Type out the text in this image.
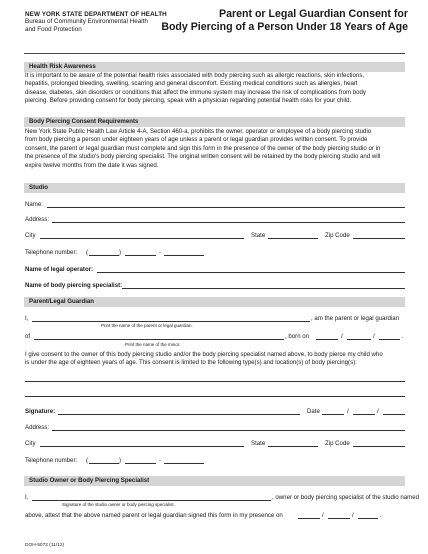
NEW YORK STATE DEPARTMENT OF HEALTH
Bureau of Community Environmental Health
and Food Protection
Parent or Legal Guardian Consent for
Body Piercing of a Person Under 18 Years of Age
Health Risk Awareness
It is important to be aware of the potential health risks associated with body piercing such as allergic reactions, skin infections,
hepatitis, prolonged bleeding, swelling, scarring and general discomfort. Existing medical conditions such as allergies, heart
disease, diabetes, skin disorders or conditions that affect the immune system may increase the risk of complications from body
piercing. Before providing consent for body piercing, speak with a physician regarding potential health risks for your child.
Body Piercing Consent Requirements
New York State Public Health Law Article 4-A, Section 460-a, prohibits the owner, operator or employee of a body piercing studio
from body piercing a person under eighteen years of age unless a parent or legal guardian provides written consent. To provide
consent, the parent or legal guardian must complete and sign this form in the presence of the owner of the body piercing studio or in
the presence of the studio's body piercing specialist. The original written consent will be retained by the body piercing studio and will
expire twelve months from the date it was signed.
Studio
Name:
Address:
City	State	Zip Code
Telephone number: (	)	-
Name of legal operator:
Name of body piercing specialist:
Parent/Legal Guardian
I,	, am the parent or legal guardian
Print the name of the parent or legal guardian.
of	, born on	/	/	.
Print the name of the minor.
I give consent to the owner of this body piercing studio and/or the body piercing specialist named above, to body pierce my child who
is under the age of eighteen years of age. This consent is limited to the following type(s) and location(s) of body piercing(s):
Signature:	Date	/	/
Address:
City	State	Zip Code
Telephone number: (	)	-
Studio Owner or Body Piercing Specialist
I,	, owner or body piercing specialist of the studio named
Signature of the studio owner or body piercing specialist.
above, attest that the above named parent or legal guardian signed this form in my presence on	/	/	.
DOH-5072 (11/12)
